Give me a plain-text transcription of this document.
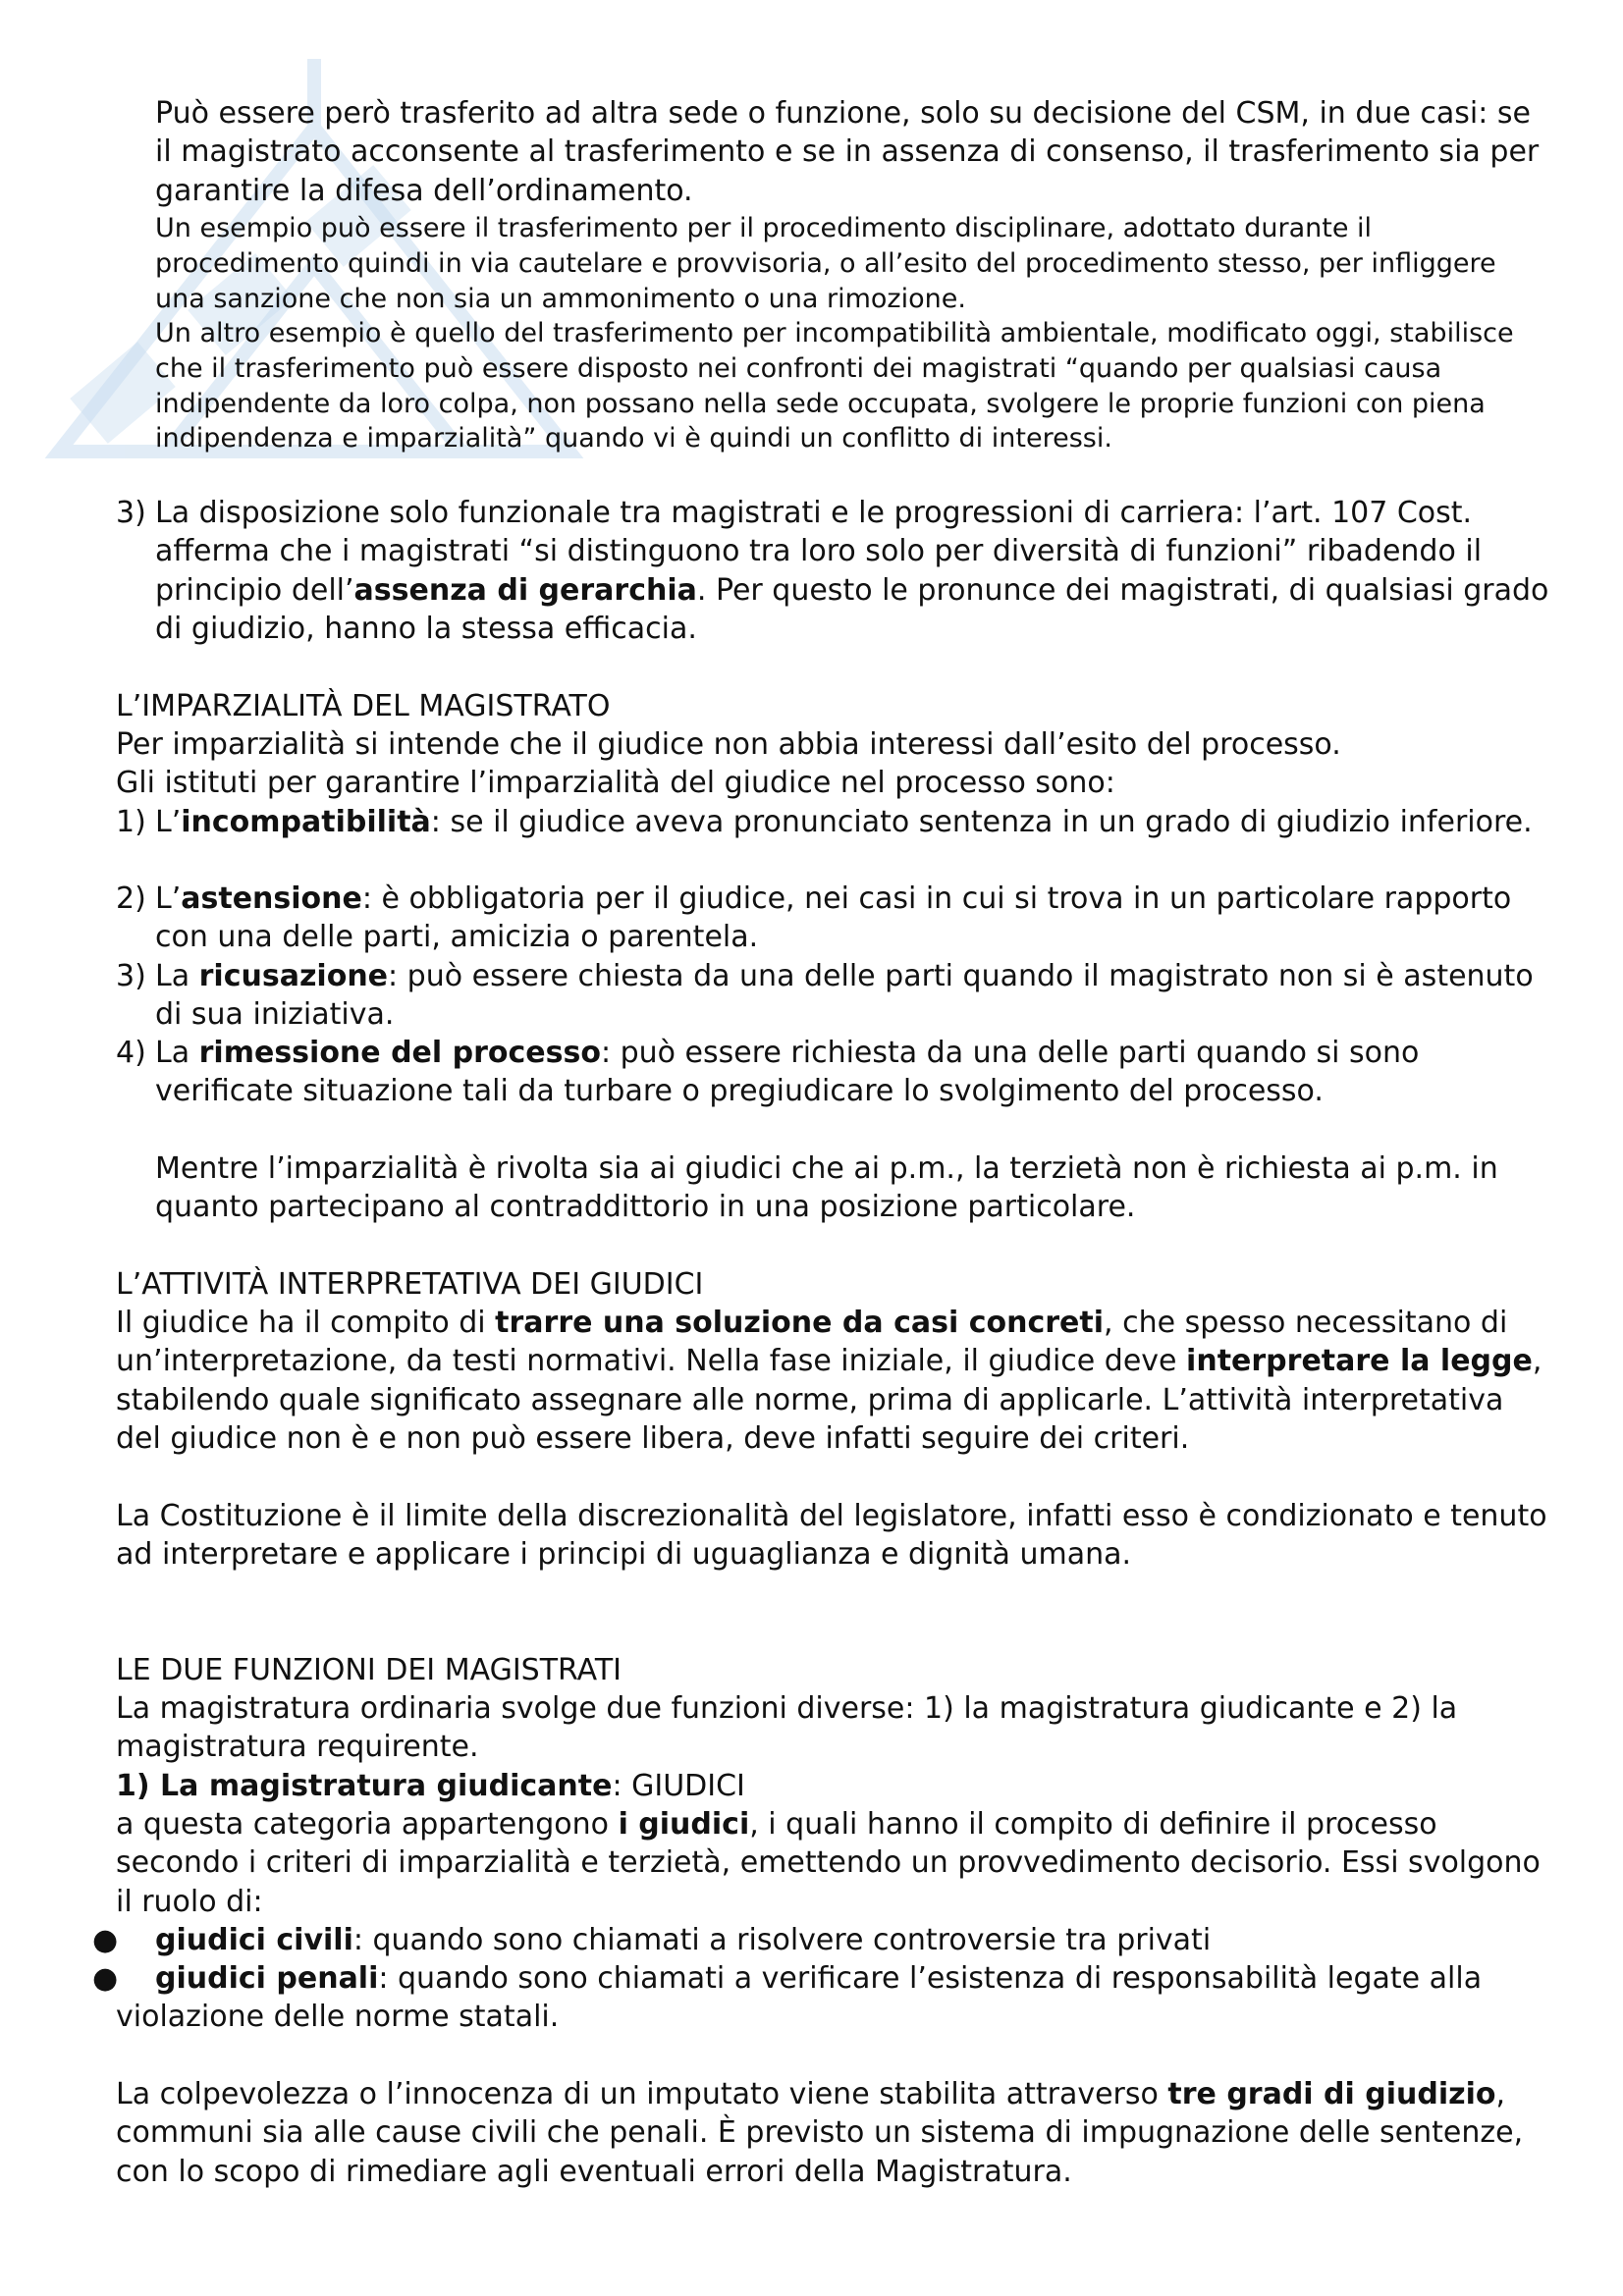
Può essere però trasferito ad altra sede o funzione, solo su decisione del CSM, in due casi: se il magistrato acconsente al trasferimento e se in assenza di consenso, il trasferimento sia per garantire la difesa dell’ordinamento.

Un esempio può essere il trasferimento per il procedimento disciplinare, adottato durante il procedimento quindi in via cautelare e provvisoria, o all’esito del procedimento stesso, per infliggere una sanzione che non sia un ammonimento o una rimozione.

Un altro esempio è quello del trasferimento per incompatibilità ambientale, modificato oggi, stabilisce che il trasferimento può essere disposto nei confronti dei magistrati “quando per qualsiasi causa indipendente da loro colpa, non possano nella sede occupata, svolgere le proprie funzioni con piena indipendenza e imparzialità” quando vi è quindi un conflitto di interessi.

3) La disposizione solo funzionale tra magistrati e le progressioni di carriera: l’art. 107 Cost. afferma che i magistrati “si distinguono tra loro solo per diversità di funzioni” ribadendo il principio dell’assenza di gerarchia. Per questo le pronunce dei magistrati, di qualsiasi grado di giudizio, hanno la stessa efficacia.
L’IMPARZIALITÀ DEL MAGISTRATO
Per imparzialità si intende che il giudice non abbia interessi dall’esito del processo.
Gli istituti per garantire l’imparzialità del giudice nel processo sono:
1) L’incompatibilità: se il giudice aveva pronunciato sentenza in un grado di giudizio inferiore.
2) L’astensione: è obbligatoria per il giudice, nei casi in cui si trova in un particolare rapporto con una delle parti, amicizia o parentela.
3) La ricusazione: può essere chiesta da una delle parti quando il magistrato non si è astenuto di sua iniziativa.
4) La rimessione del processo: può essere richiesta da una delle parti quando si sono verificate situazione tali da turbare o pregiudicare lo svolgimento del processo.

Mentre l’imparzialità è rivolta sia ai giudici che ai p.m., la terzietà non è richiesta ai p.m. in quanto partecipano al contraddittorio in una posizione particolare.

L’ATTIVITÀ INTERPRETATIVA DEI GIUDICI

Il giudice ha il compito di trarre una soluzione da casi concreti, che spesso necessitano di un’interpretazione, da testi normativi. Nella fase iniziale, il giudice deve interpretare la legge, stabilendo quale significato assegnare alle norme, prima di applicarle. L’attività interpretativa del giudice non è e non può essere libera, deve infatti seguire dei criteri.

La Costituzione è il limite della discrezionalità del legislatore, infatti esso è condizionato e tenuto ad interpretare e applicare i principi di uguaglianza e dignità umana.

LE DUE FUNZIONI DEI MAGISTRATI

La magistratura ordinaria svolge due funzioni diverse: 1) la magistratura giudicante e 2) la magistratura requirente.

1) La magistratura giudicante: GIUDICI

a questa categoria appartengono i giudici, i quali hanno il compito di definire il processo secondo i criteri di imparzialità e terzietà, emettendo un provvedimento decisorio. Essi svolgono il ruolo di:

● giudici civili: quando sono chiamati a risolvere controversie tra privati
● giudici penali: quando sono chiamati a verificare l’esistenza di responsabilità legate alla violazione delle norme statali.

La colpevolezza o l’innocenza di un imputato viene stabilita attraverso tre gradi di giudizio, communi sia alle cause civili che penali. È previsto un sistema di impugnazione delle sentenze, con lo scopo di rimediare agli eventuali errori della Magistratura.
